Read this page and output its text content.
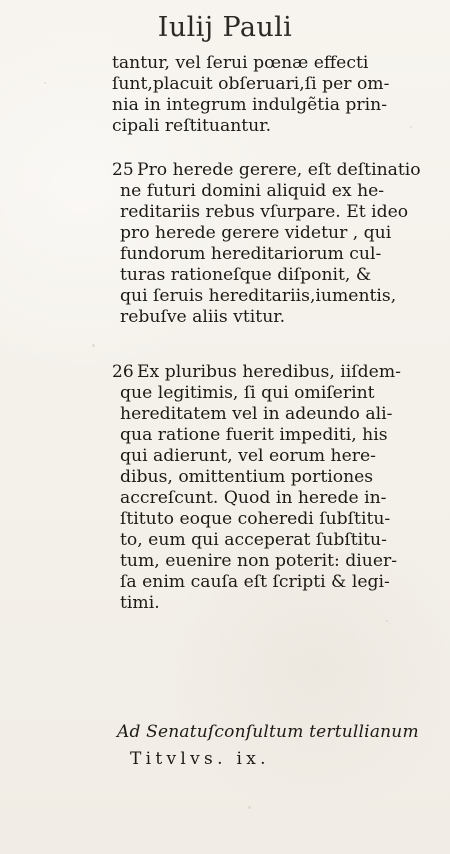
Iulij Pauli
tantur, vel ſerui pœnæ effecti
ſunt,placuit obſeruari,ſi per om-
nia in integrum indulgẽtia prin-
cipali reſtituantur.
25 Pro herede gerere, eſt deſtinatio
ne futuri domini aliquid ex he-
reditariis rebus vſurpare. Et ideo
pro herede gerere videtur , qui
fundorum hereditariorum cul-
turas rationeſque diſponit, &
qui ſeruis hereditariis,iumentis,
rebuſve aliis vtitur.
26 Ex pluribus heredibus, iiſdem-
que legitimis, ſi qui omiſerint
hereditatem vel in adeundo ali-
qua ratione fuerit impediti, his
qui adierunt, vel eorum here-
dibus, omittentium portiones
accreſcunt. Quod in herede in-
ſtituto eoque coheredi ſubſtitu-
to, eum qui acceperat ſubſtitu-
tum, euenire non poterit: diuer-
ſa enim cauſa eſt ſcripti & legi-
timi.
Ad Senatuſconſultum tertullianum
Titvlvs. ix.
